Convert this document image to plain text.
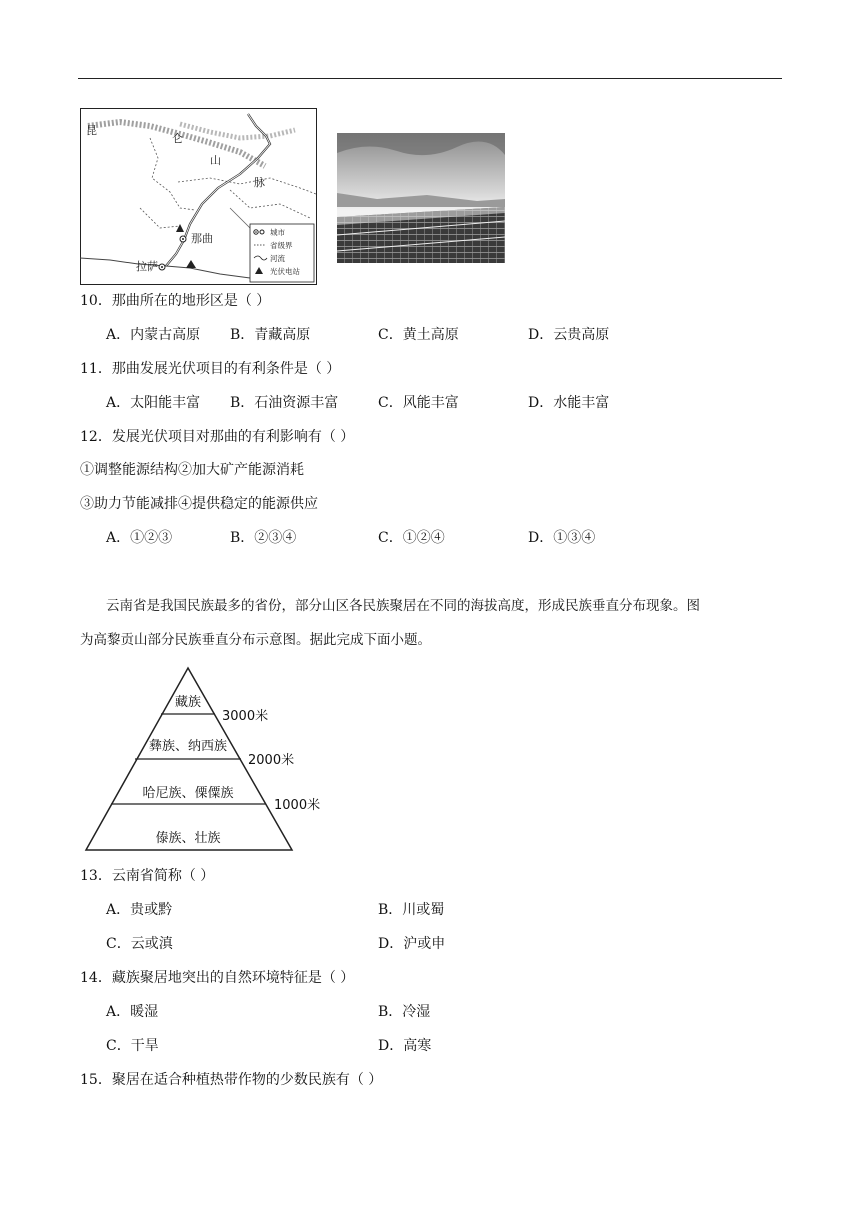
昆
仑
山
脉
那曲
拉萨
城市
省级界
河流
光伏电站
10．那曲所在的地形区是（ ）
A．内蒙古高原 B．青藏高原	C．黄土高原	D．云贵高原
11．那曲发展光伏项目的有利条件是（ ）
A．太阳能丰富 B．石油资源丰富	C．风能丰富	D．水能丰富
12．发展光伏项目对那曲的有利影响有（ ）
①调整能源结构②加大矿产能源消耗
③助力节能减排④提供稳定的能源供应
A．①②③	B．②③④	C．①②④	D．①③④
云南省是我国民族最多的省份，部分山区各民族聚居在不同的海拔高度，形成民族垂直分布现象。图
为高黎贡山部分民族垂直分布示意图。据此完成下面小题。
藏族
彝族、纳西族
哈尼族、傈僳族
傣族、壮族
3000米
2000米
1000米
13．云南省简称（ ）
A．贵或黔	B．川或蜀
C．云或滇	D．沪或申
14．藏族聚居地突出的自然环境特征是（ ）
A．暖湿	B．冷湿
C．干旱	D．高寒
15．聚居在适合种植热带作物的少数民族有（ ）
